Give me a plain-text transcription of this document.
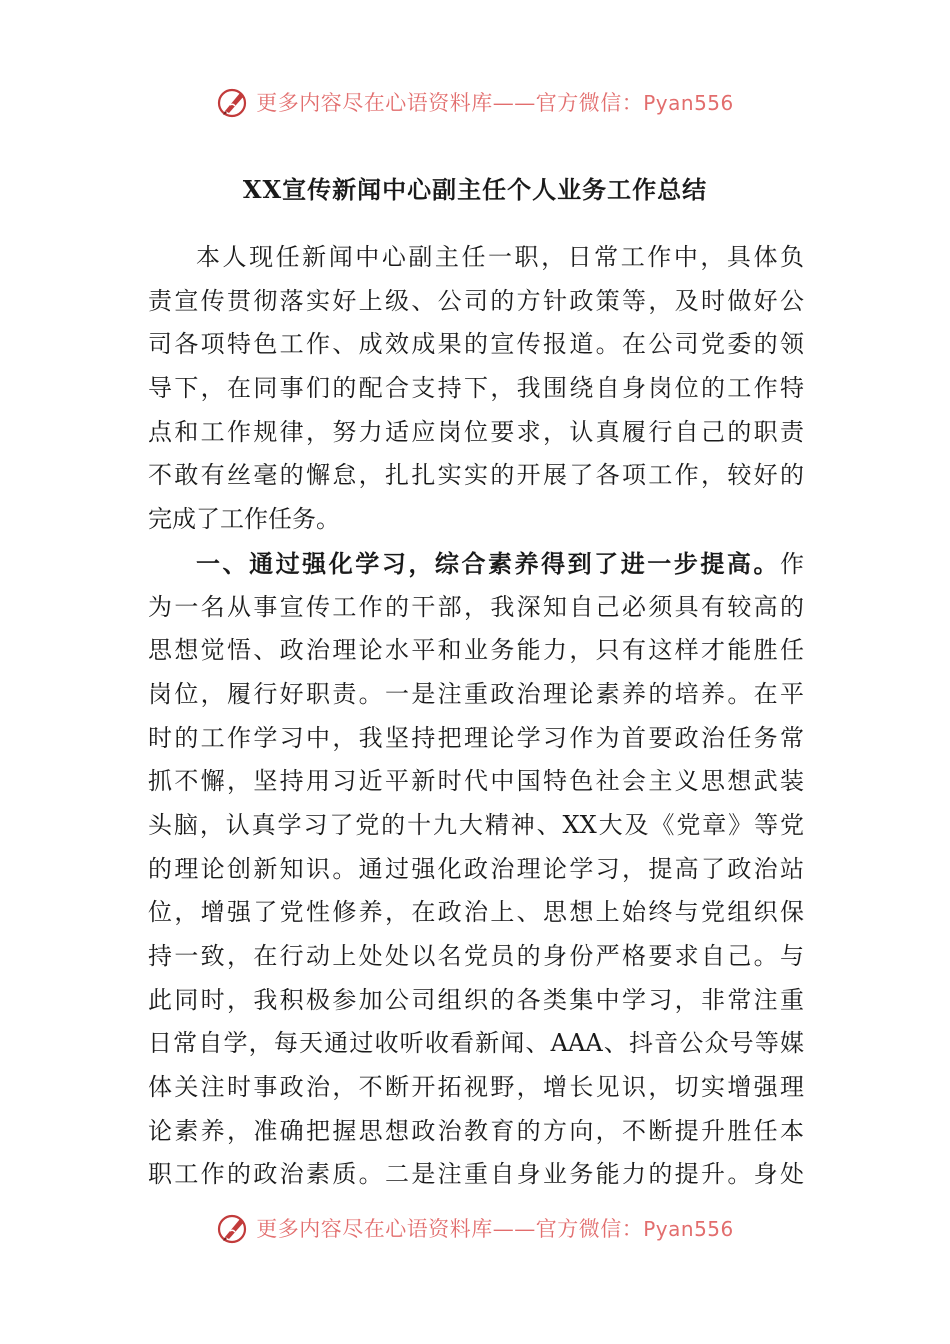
更多内容尽在心语资料库——官方微信：Pyan556
XX宣传新闻中心副主任个人业务工作总结
本人现任新闻中心副主任一职，日常工作中，具体负
责宣传贯彻落实好上级、公司的方针政策等，及时做好公
司各项特色工作、成效成果的宣传报道。在公司党委的领
导下，在同事们的配合支持下，我围绕自身岗位的工作特
点和工作规律，努力适应岗位要求，认真履行自己的职责
不敢有丝毫的懈怠，扎扎实实的开展了各项工作，较好的
完成了工作任务。
一、通过强化学习，综合素养得到了进一步提高。作
为一名从事宣传工作的干部，我深知自己必须具有较高的
思想觉悟、政治理论水平和业务能力，只有这样才能胜任
岗位，履行好职责。一是注重政治理论素养的培养。在平
时的工作学习中，我坚持把理论学习作为首要政治任务常
抓不懈，坚持用习近平新时代中国特色社会主义思想武装
头脑，认真学习了党的十九大精神、XX大及《党章》等党
的理论创新知识。通过强化政治理论学习，提高了政治站
位，增强了党性修养，在政治上、思想上始终与党组织保
持一致，在行动上处处以名党员的身份严格要求自己。与
此同时，我积极参加公司组织的各类集中学习，非常注重
日常自学，每天通过收听收看新闻、AAA、抖音公众号等媒
体关注时事政治，不断开拓视野，增长见识，切实增强理
论素养，准确把握思想政治教育的方向，不断提升胜任本
职工作的政治素质。二是注重自身业务能力的提升。身处
更多内容尽在心语资料库——官方微信：Pyan556
